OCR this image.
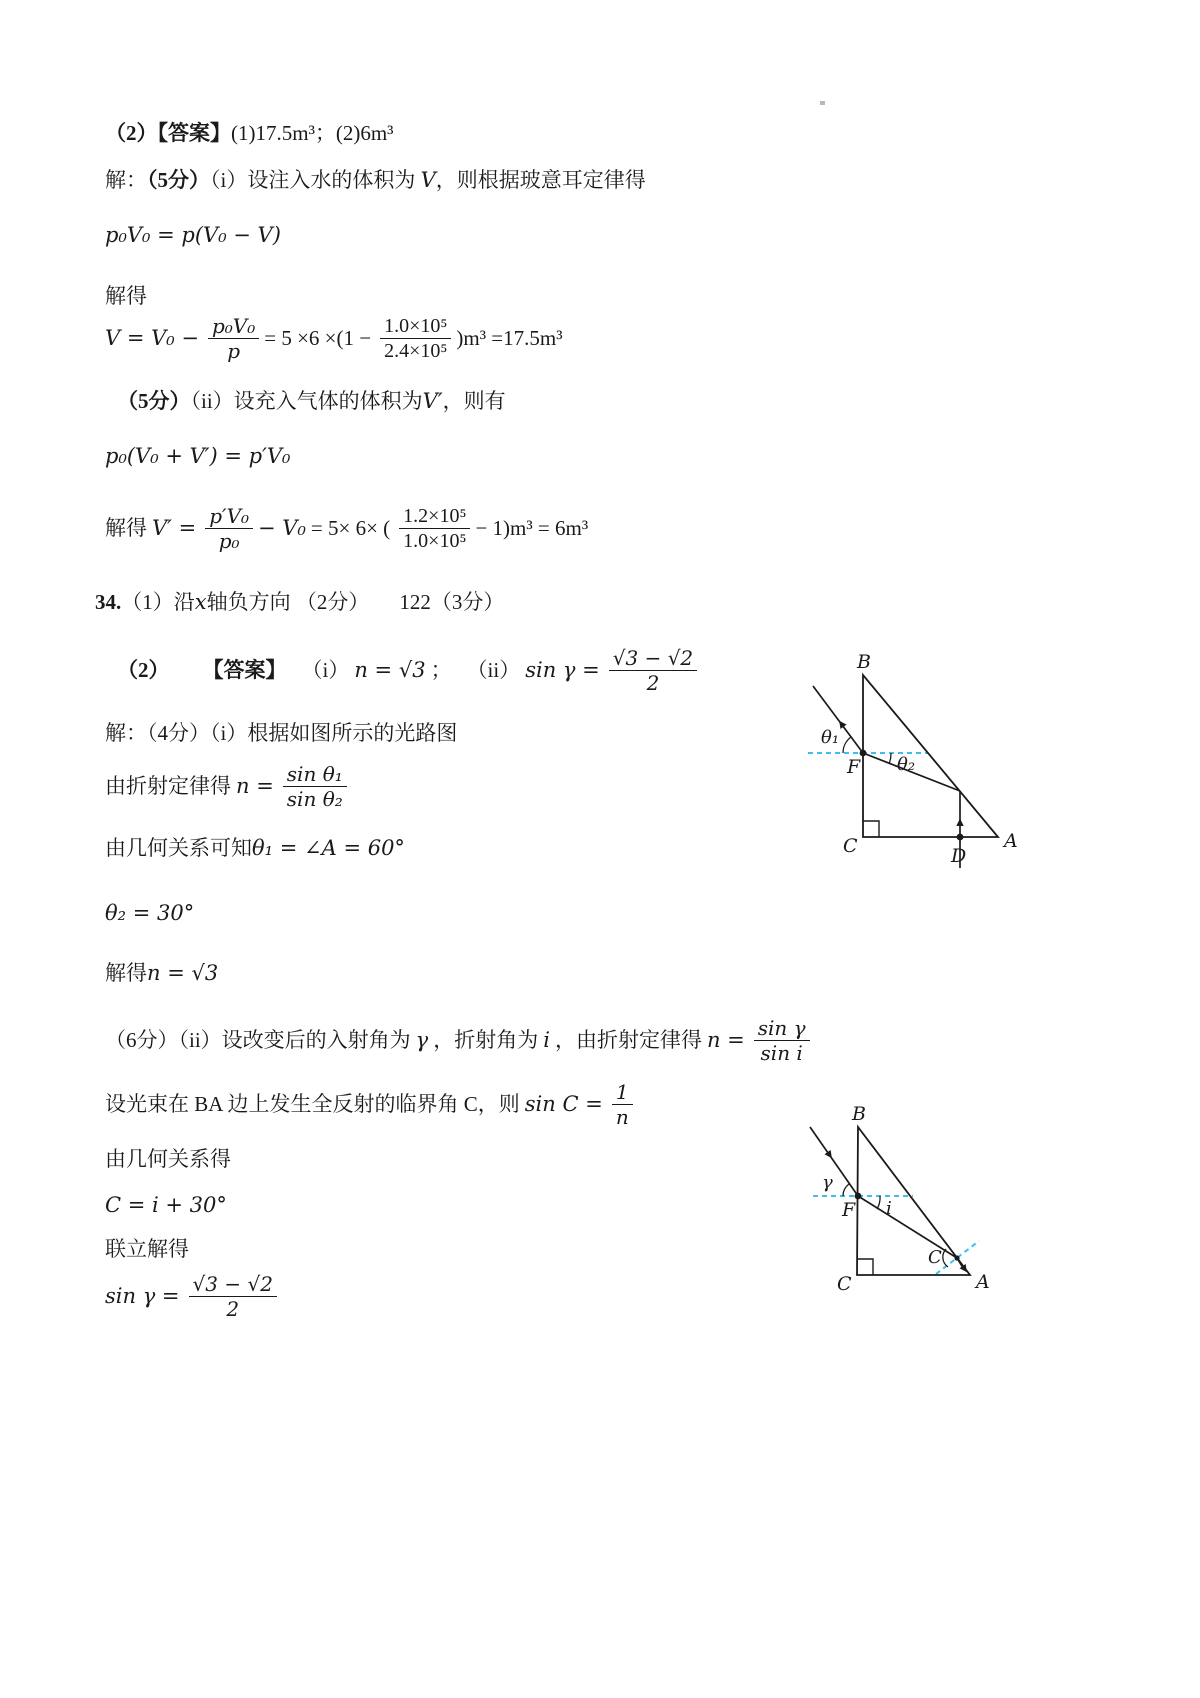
（2）【答案】(1)17.5m³；(2)6m³
解：（5分）（i）设注入水的体积为 V，则根据玻意耳定律得
p₀V₀ = p(V₀ − V)
解得
$V = V_0 - \frac{\text{p₀V₀}}{p} = 5 \times 6 \times(1 - \frac{\text{1.0×10⁵}}{\text{2.4×10⁵}} )m^3 =17.5m^3$
（5分）（ii）设充入气体的体积为V′，则有
p₀(V₀ + V′) = p′V₀
解得 $V' = \frac{\text{p′V₀}}{\text{p₀}} - V_0 = 5\times 6\times$ ( $\frac{\text{1.2×10⁵}}{\text{1.0×10⁵}} - 1)m^3 = 6m^3$
34.（1）沿x轴负方向 （2分） 122（3分）
（2） 【答案】 （i） n = √3 ； （ii） $\sin \gamma = \frac{√3 - √2}{2}$
解：（4分）（i）根据如图所示的光路图
由折射定律得 $n = \frac{\text{sin θ₁}}{\text{sin θ₂}}$
由几何关系可知θ₁ = ∠A = 60°
θ₂ = 30°
解得n = √3
（6分）（ii）设改变后的入射角为 γ ，折射角为 i ，由折射定律得 $n = \frac{\text{sin γ}}{\text{sin i}}$
设光束在 BA 边上发生全反射的临界角 C，则 $\sin C = \frac{1}{n}$
由几何关系得
C = i + 30°
联立解得
$\sin \gamma = \frac{√3 - √2}{2}$
B
C	A
D
F
θ₁
θ₂
B
C	A
F
γ
i
C
